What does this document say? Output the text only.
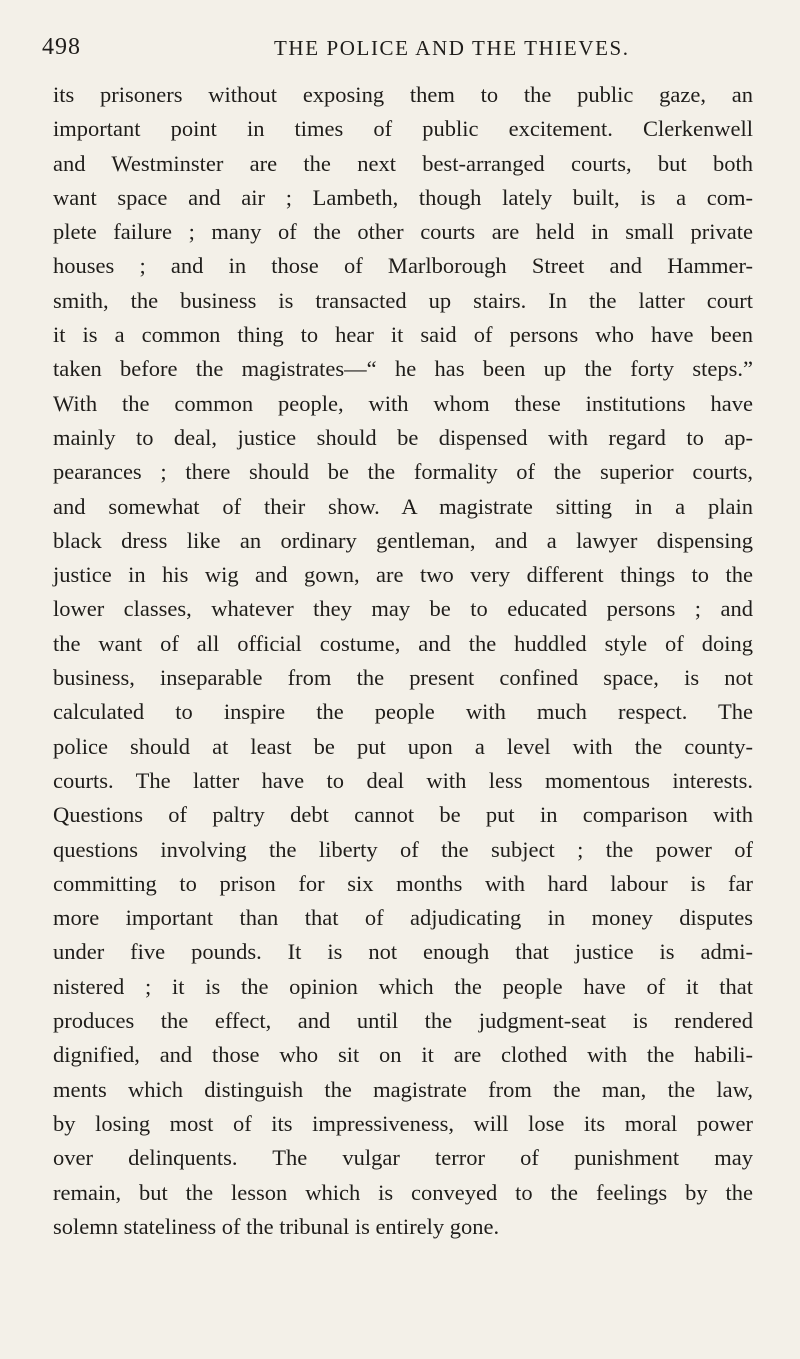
498	THE POLICE AND THE THIEVES.
its prisoners without exposing them to the public gaze, an
important point in times of public excitement. Clerkenwell
and Westminster are the next best-arranged courts, but both
want space and air ; Lambeth, though lately built, is a com-
plete failure ; many of the other courts are held in small private
houses ; and in those of Marlborough Street and Hammer-
smith, the business is transacted up stairs. In the latter court
it is a common thing to hear it said of persons who have been
taken before the magistrates—“ he has been up the forty steps.”
With the common people, with whom these institutions have
mainly to deal, justice should be dispensed with regard to ap-
pearances ; there should be the formality of the superior courts,
and somewhat of their show. A magistrate sitting in a plain
black dress like an ordinary gentleman, and a lawyer dispensing
justice in his wig and gown, are two very different things to the
lower classes, whatever they may be to educated persons ; and
the want of all official costume, and the huddled style of doing
business, inseparable from the present confined space, is not
calculated to inspire the people with much respect. The
police should at least be put upon a level with the county-
courts. The latter have to deal with less momentous interests.
Questions of paltry debt cannot be put in comparison with
questions involving the liberty of the subject ; the power of
committing to prison for six months with hard labour is far
more important than that of adjudicating in money disputes
under five pounds. It is not enough that justice is admi-
nistered ; it is the opinion which the people have of it that
produces the effect, and until the judgment-seat is rendered
dignified, and those who sit on it are clothed with the habili-
ments which distinguish the magistrate from the man, the law,
by losing most of its impressiveness, will lose its moral power
over delinquents. The vulgar terror of punishment may
remain, but the lesson which is conveyed to the feelings by the
solemn stateliness of the tribunal is entirely gone.
